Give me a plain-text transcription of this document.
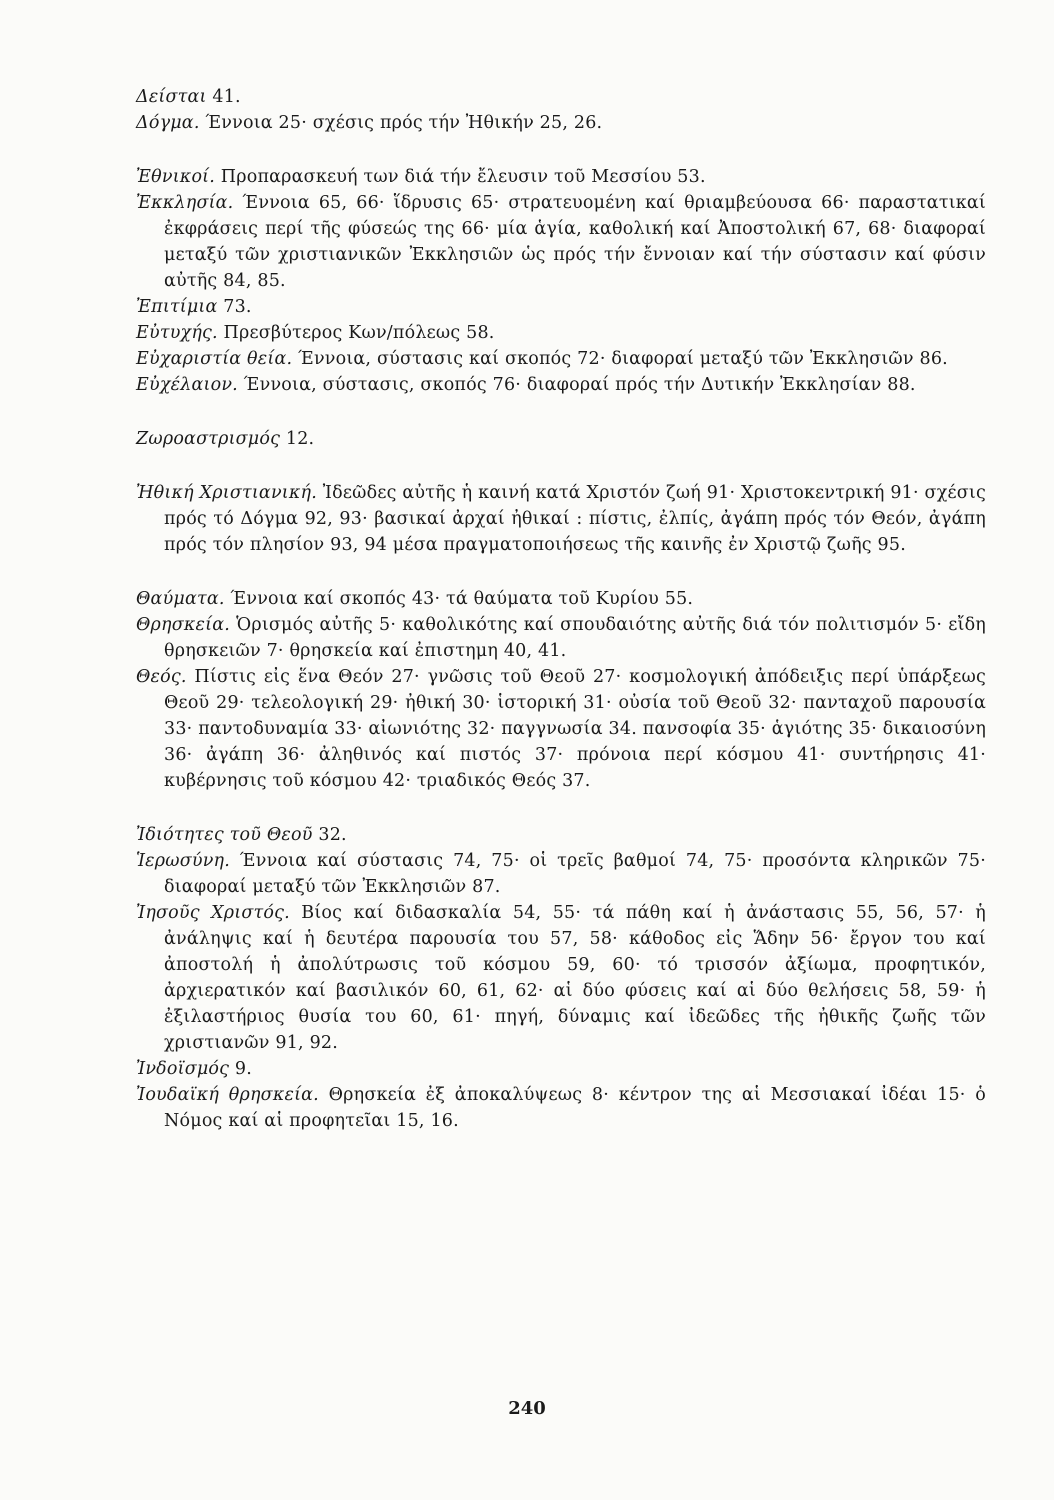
Δείσται 41.

Δόγμα. Έννοια 25· σχέσις πρός τήν Ἠθικήν 25, 26.

Ἐθνικοί. Προπαρασκευή των διά τήν ἔλευσιν τοῦ Μεσσίου 53.

Ἐκκλησία. Έννοια 65, 66· ἵδρυσις 65· στρατευομένη καί θριαμβεύουσα 66· παραστατικαί ἐκφράσεις περί τῆς φύσεώς της 66· μία ἁγία, καθολική καί Ἀποστολική 67, 68· διαφοραί μεταξύ τῶν χριστιανικῶν Ἐκκλησιῶν ὡς πρός τήν ἔννοιαν καί τήν σύστασιν καί φύσιν αὐτῆς 84, 85.

Ἐπιτίμια 73.

Εὐτυχής. Πρεσβύτερος Κων/πόλεως 58.

Εὐχαριστία θεία. Έννοια, σύστασις καί σκοπός 72· διαφοραί μεταξύ τῶν Ἐκκλησιῶν 86.

Εὐχέλαιον. Έννοια, σύστασις, σκοπός 76· διαφοραί πρός τήν Δυτικήν Ἐκκλησίαν 88.

Ζωροαστρισμός 12.

Ἠθική Χριστιανική. Ἰδεῶδες αὐτῆς ἡ καινή κατά Χριστόν ζωή 91· Χριστοκεντρική 91· σχέσις πρός τό Δόγμα 92, 93· βασικαί ἀρχαί ἠθικαί : πίστις, ἐλπίς, ἀγάπη πρός τόν Θεόν, ἀγάπη πρός τόν πλησίον 93, 94 μέσα πραγματοποιήσεως τῆς καινῆς ἐν Χριστῷ ζωῆς 95.

Θαύματα. Έννοια καί σκοπός 43· τά θαύματα τοῦ Κυρίου 55.

Θρησκεία. Ὁρισμός αὐτῆς 5· καθολικότης καί σπουδαιότης αὐτῆς διά τόν πολιτισμόν 5· εἴδη θρησκειῶν 7· θρησκεία καί ἐπιστημη 40, 41.

Θεός. Πίστις εἰς ἕνα Θεόν 27· γνῶσις τοῦ Θεοῦ 27· κοσμολογική ἀπόδειξις περί ὑπάρξεως Θεοῦ 29· τελεολογική 29· ἠθική 30· ἱστορική 31· οὐσία τοῦ Θεοῦ 32· πανταχοῦ παρουσία 33· παντοδυναμία 33· αἰωνιότης 32· παγγνωσία 34. πανσοφία 35· ἁγιότης 35· δικαιοσύνη 36· ἀγάπη 36· ἀληθινός καί πιστός 37· πρόνοια περί κόσμου 41· συντήρησις 41· κυβέρνησις τοῦ κόσμου 42· τριαδικός Θεός 37.

Ἰδιότητες τοῦ Θεοῦ 32.

Ἱερωσύνη. Έννοια καί σύστασις 74, 75· οἱ τρεῖς βαθμοί 74, 75· προσόντα κληρικῶν 75· διαφοραί μεταξύ τῶν Ἐκκλησιῶν 87.

Ἰησοῦς Χριστός. Βίος καί διδασκαλία 54, 55· τά πάθη καί ἡ ἀνάστασις 55, 56, 57· ἡ ἀνάληψις καί ἡ δευτέρα παρουσία του 57, 58· κάθοδος εἰς Ἅδην 56· ἔργον του καί ἀποστολή ἡ ἀπολύτρωσις τοῦ κόσμου 59, 60· τό τρισσόν ἀξίωμα, προφητικόν, ἀρχιερατικόν καί βασιλικόν 60, 61, 62· αἱ δύο φύσεις καί αἱ δύο θελήσεις 58, 59· ἡ ἐξιλαστήριος θυσία του 60, 61· πηγή, δύναμις καί ἰδεῶδες τῆς ἠθικῆς ζωῆς τῶν χριστιανῶν 91, 92.

Ἰνδοϊσμός 9.

Ἰουδαϊκή θρησκεία. Θρησκεία ἐξ ἀποκαλύψεως 8· κέντρον της αἱ Μεσσιακαί ἰδέαι 15· ὁ Νόμος καί αἱ προφητεῖαι 15, 16.

240
